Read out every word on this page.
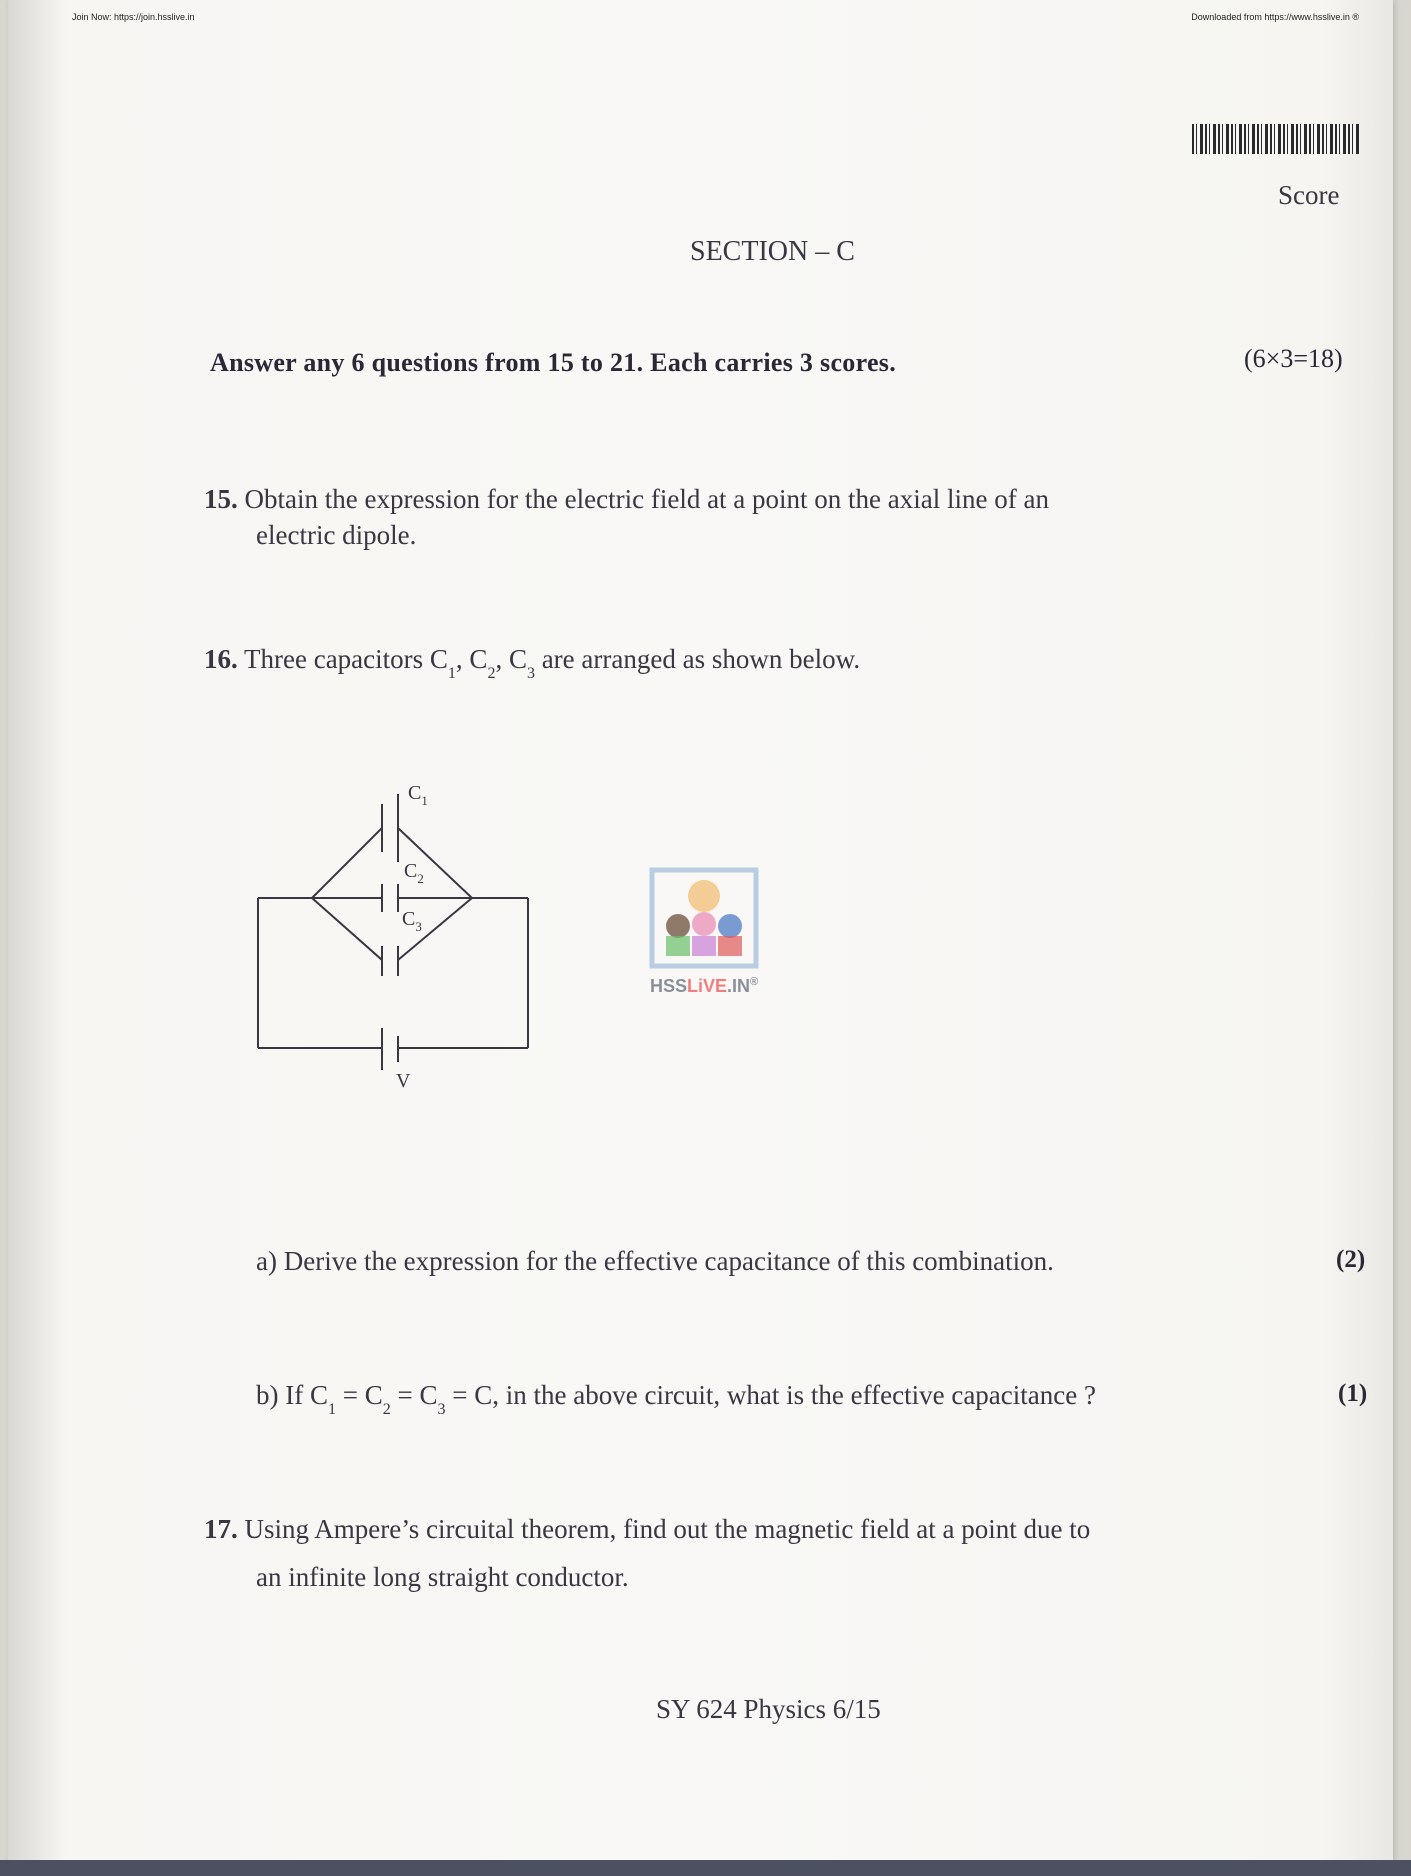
Join Now: https://join.hsslive.in	Downloaded from https://www.hsslive.in ®
Score
SECTION – C
Answer any 6 questions from 15 to 21. Each carries 3 scores.	(6×3=18)
15. Obtain the expression for the electric field at a point on the axial line of an
electric dipole.
16. Three capacitors $C_1$, $C_2$, $C_3$ are arranged as shown below.
$C_1$
$C_2$
$C_3$
V
HSSLiVE.IN®
a) Derive the expression for the effective capacitance of this combination.	(2)
b) If $C_1 = C_2 = C_3 = C$, in the above circuit, what is the effective capacitance ?	(1)
17. Using Ampere’s circuital theorem, find out the magnetic field at a point due to
an infinite long straight conductor.
SY 624 Physics 6/15
